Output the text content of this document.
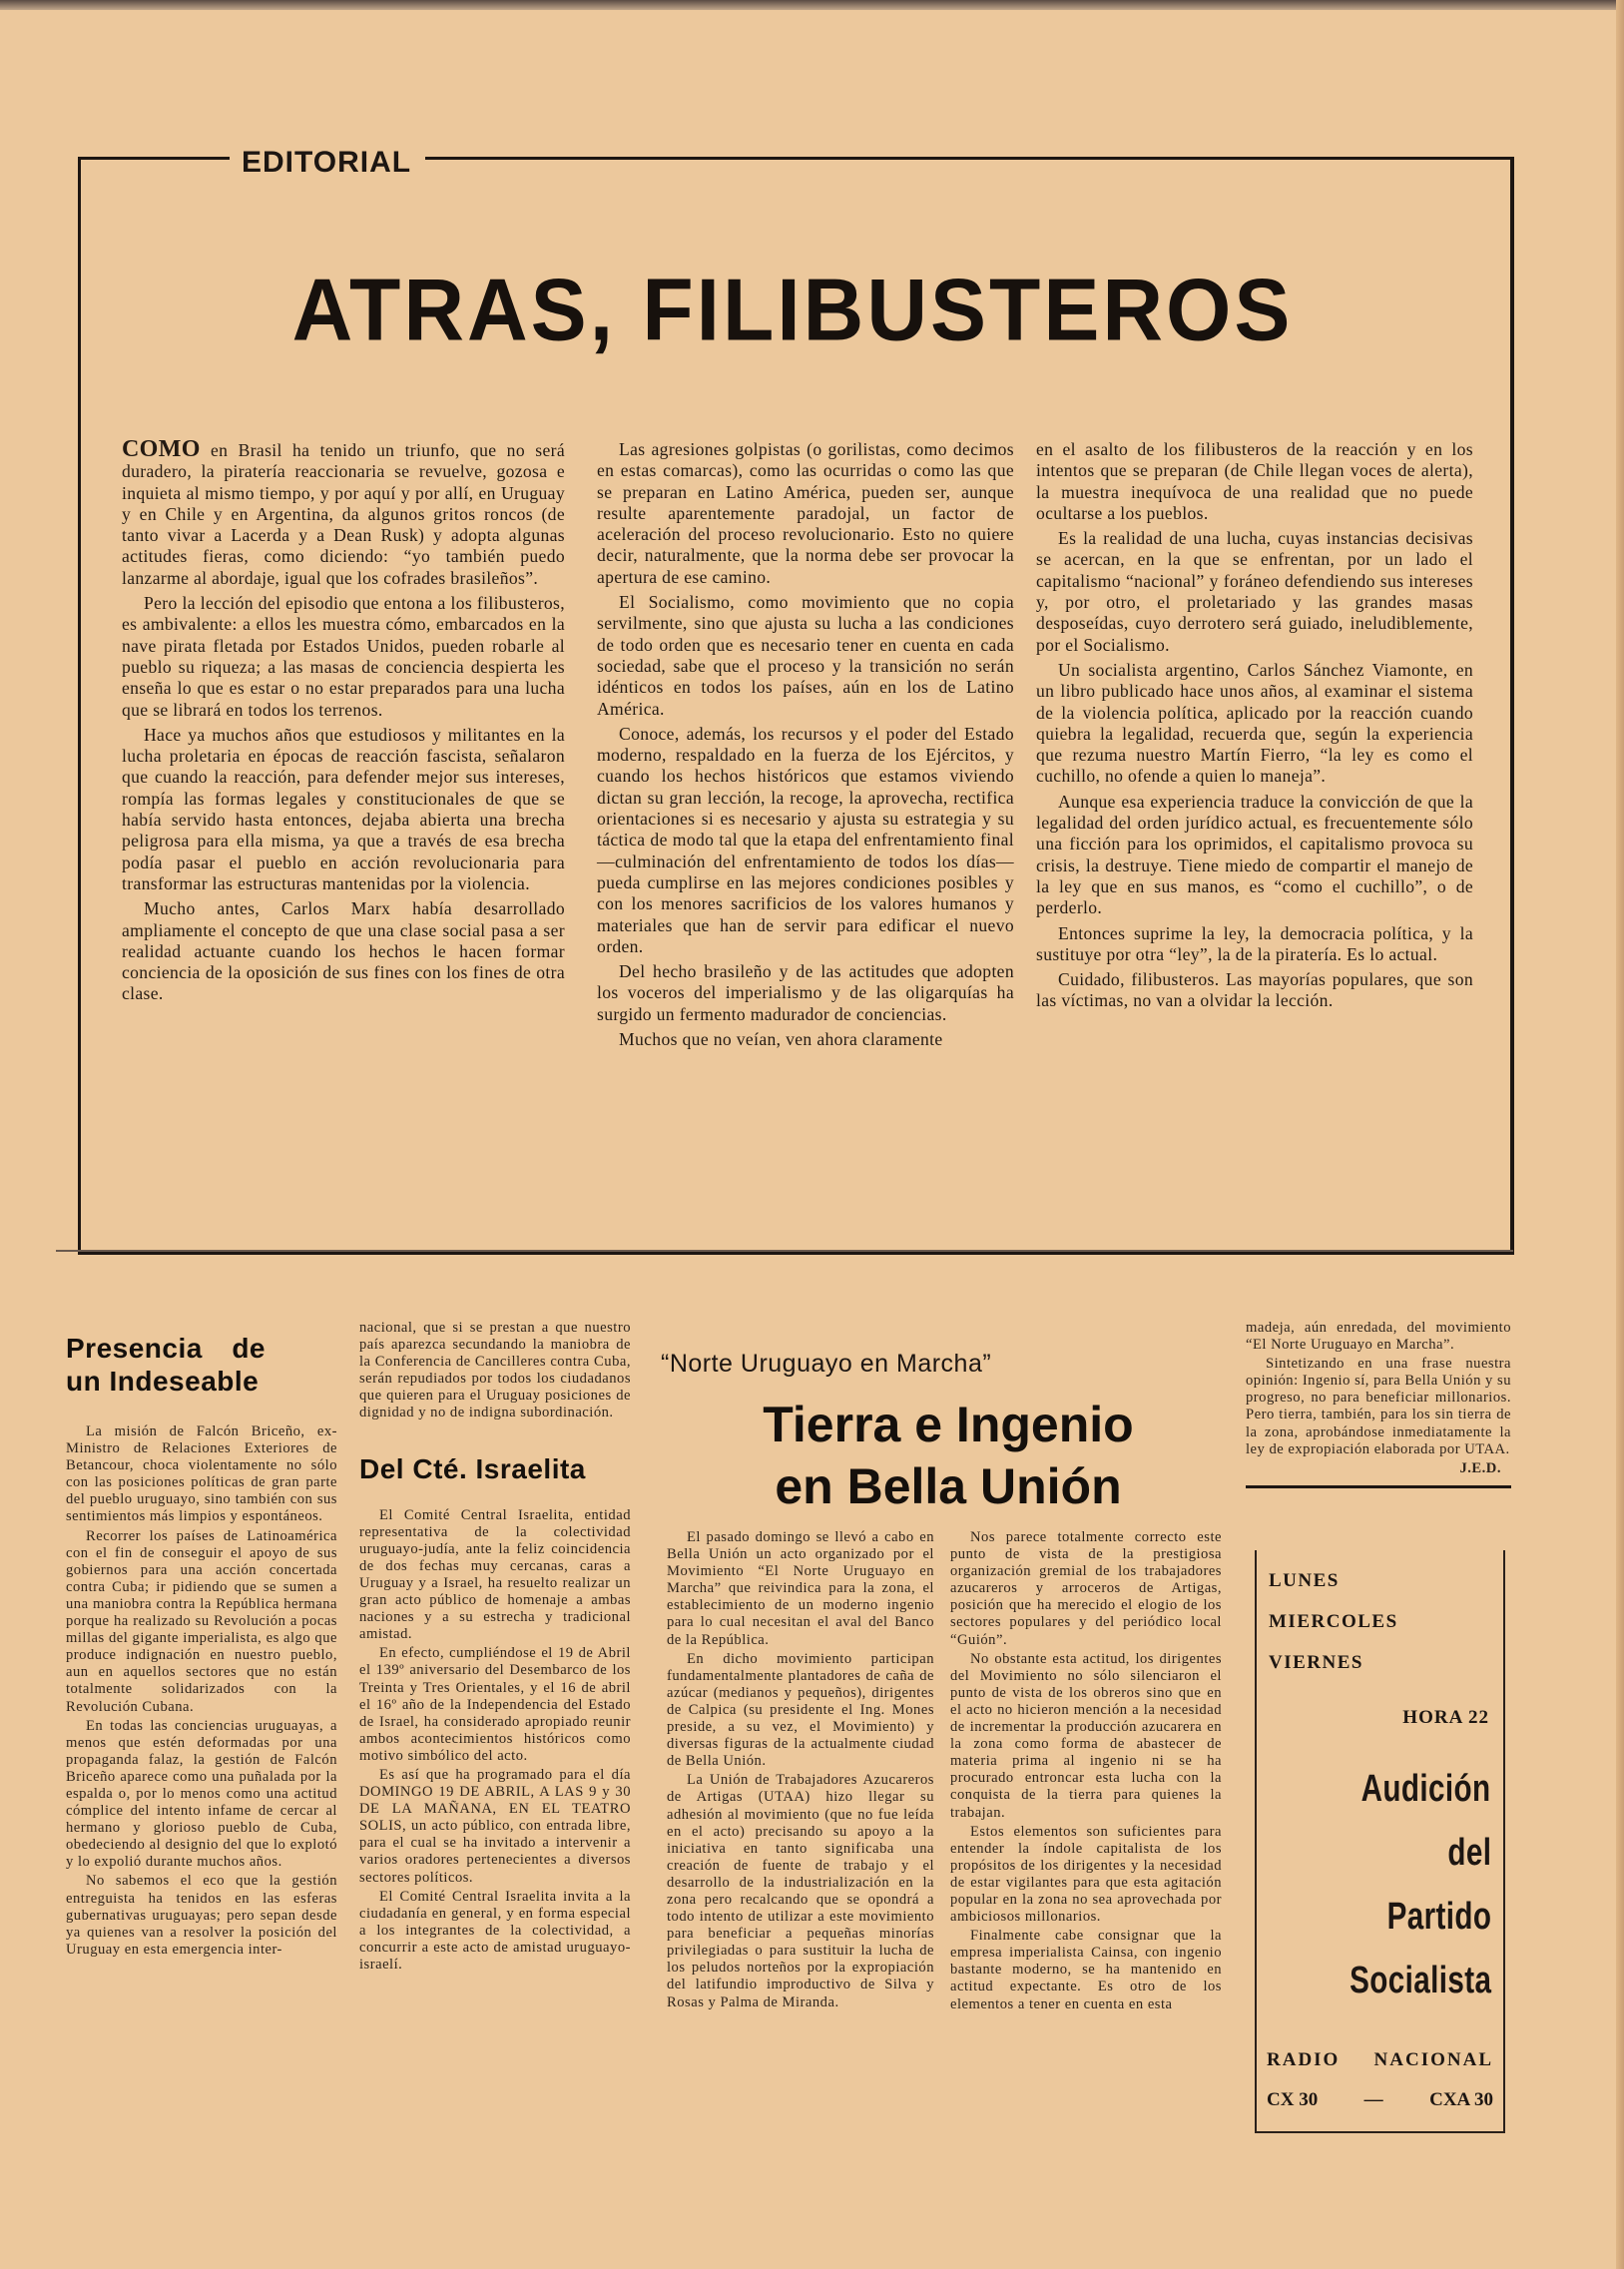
EDITORIAL
ATRAS, FILIBUSTEROS

COMO en Brasil ha tenido un triunfo, que no será duradero, la piratería reaccionaria se revuelve, gozosa e inquieta al mismo tiempo, y por aquí y por allí, en Uruguay y en Chile y en Argentina, da algunos gritos roncos (de tanto vivar a Lacerda y a Dean Rusk) y adopta algunas actitudes fieras, como diciendo: “yo también puedo lanzarme al abordaje, igual que los cofrades brasileños”.

Pero la lección del episodio que entona a los filibusteros, es ambivalente: a ellos les muestra cómo, embarcados en la nave pirata fletada por Estados Unidos, pueden robarle al pueblo su riqueza; a las masas de conciencia despierta les enseña lo que es estar o no estar preparados para una lucha que se librará en todos los terrenos.

Hace ya muchos años que estudiosos y militantes en la lucha proletaria en épocas de reacción fascista, señalaron que cuando la reacción, para defender mejor sus intereses, rompía las formas legales y constitucionales de que se había servido hasta entonces, dejaba abierta una brecha peligrosa para ella misma, ya que a través de esa brecha podía pasar el pueblo en acción revolucionaria para transformar las estructuras mantenidas por la violencia.

Mucho antes, Carlos Marx había desarrollado ampliamente el concepto de que una clase social pasa a ser realidad actuante cuando los hechos le hacen formar conciencia de la oposición de sus fines con los fines de otra clase.

Las agresiones golpistas (o gorilistas, como decimos en estas comarcas), como las ocurridas o como las que se preparan en Latino América, pueden ser, aunque resulte aparentemente paradojal, un factor de aceleración del proceso revolucionario. Esto no quiere decir, naturalmente, que la norma debe ser provocar la apertura de ese camino.

El Socialismo, como movimiento que no copia servilmente, sino que ajusta su lucha a las condiciones de todo orden que es necesario tener en cuenta en cada sociedad, sabe que el proceso y la transición no serán idénticos en todos los países, aún en los de Latino América.

Conoce, además, los recursos y el poder del Estado moderno, respaldado en la fuerza de los Ejércitos, y cuando los hechos históricos que estamos viviendo dictan su gran lección, la recoge, la aprovecha, rectifica orientaciones si es necesario y ajusta su estrategia y su táctica de modo tal que la etapa del enfrentamiento final —culminación del enfrentamiento de todos los días— pueda cumplirse en las mejores condiciones posibles y con los menores sacrificios de los valores humanos y materiales que han de servir para edificar el nuevo orden.

Del hecho brasileño y de las actitudes que adopten los voceros del imperialismo y de las oligarquías ha surgido un fermento madurador de conciencias.

Muchos que no veían, ven ahora claramente

en el asalto de los filibusteros de la reacción y en los intentos que se preparan (de Chile llegan voces de alerta), la muestra inequívoca de una realidad que no puede ocultarse a los pueblos.

Es la realidad de una lucha, cuyas instancias decisivas se acercan, en la que se enfrentan, por un lado el capitalismo “nacional” y foráneo defendiendo sus intereses y, por otro, el proletariado y las grandes masas desposeídas, cuyo derrotero será guiado, ineludiblemente, por el Socialismo.

Un socialista argentino, Carlos Sánchez Viamonte, en un libro publicado hace unos años, al examinar el sistema de la violencia política, aplicado por la reacción cuando quiebra la legalidad, recuerda que, según la experiencia que rezuma nuestro Martín Fierro, “la ley es como el cuchillo, no ofende a quien lo maneja”.

Aunque esa experiencia traduce la convicción de que la legalidad del orden jurídico actual, es frecuentemente sólo una ficción para los oprimidos, el capitalismo provoca su crisis, la destruye. Tiene miedo de compartir el manejo de la ley que en sus manos, es “como el cuchillo”, o de perderlo.

Entonces suprime la ley, la democracia política, y la sustituye por otra “ley”, la de la piratería. Es lo actual.

Cuidado, filibusteros. Las mayorías populares, que son las víctimas, no van a olvidar la lección.

Presencia de un Indeseable

La misión de Falcón Briceño, ex-Ministro de Relaciones Exteriores de Betancour, choca violentamente no sólo con las posiciones políticas de gran parte del pueblo uruguayo, sino también con sus sentimientos más limpios y espontáneos.

Recorrer los países de Latinoamérica con el fin de conseguir el apoyo de sus gobiernos para una acción concertada contra Cuba; ir pidiendo que se sumen a una maniobra contra la República hermana porque ha realizado su Revolución a pocas millas del gigante imperialista, es algo que produce indignación en nuestro pueblo, aun en aquellos sectores que no están totalmente solidarizados con la Revolución Cubana.

En todas las conciencias uruguayas, a menos que estén deformadas por una propaganda falaz, la gestión de Falcón Briceño aparece como una puñalada por la espalda o, por lo menos como una actitud cómplice del intento infame de cercar al hermano y glorioso pueblo de Cuba, obedeciendo al designio del que lo explotó y lo expolió durante muchos años.

No sabemos el eco que la gestión entreguista ha tenidos en las esferas gubernativas uruguayas; pero sepan desde ya quienes van a resolver la posición del Uruguay en esta emergencia inter-

nacional, que si se prestan a que nuestro país aparezca secundando la maniobra de la Conferencia de Cancilleres contra Cuba, serán repudiados por todos los ciudadanos que quieren para el Uruguay posiciones de dignidad y no de indigna subordinación.

Del Cté. Israelita

El Comité Central Israelita, entidad representativa de la colectividad uruguayo-judía, ante la feliz coincidencia de dos fechas muy cercanas, caras a Uruguay y a Israel, ha resuelto realizar un gran acto público de homenaje a ambas naciones y a su estrecha y tradicional amistad.

En efecto, cumpliéndose el 19 de Abril el 139º aniversario del Desembarco de los Treinta y Tres Orientales, y el 16 de abril el 16º año de la Independencia del Estado de Israel, ha considerado apropiado reunir ambos acontecimientos históricos como motivo simbólico del acto.

Es así que ha programado para el día DOMINGO 19 DE ABRIL, A LAS 9 y 30 DE LA MAÑANA, EN EL TEATRO SOLIS, un acto público, con entrada libre, para el cual se ha invitado a intervenir a varios oradores pertenecientes a diversos sectores políticos.

El Comité Central Israelita invita a la ciudadanía en general, y en forma especial a los integrantes de la colectividad, a concurrir a este acto de amistad uruguayo-israelí.

“Norte Uruguayo en Marcha”
Tierra e Ingenio
en Bella Unión

El pasado domingo se llevó a cabo en Bella Unión un acto organizado por el Movimiento “El Norte Uruguayo en Marcha” que reivindica para la zona, el establecimiento de un moderno ingenio para lo cual necesitan el aval del Banco de la República.

En dicho movimiento participan fundamentalmente plantadores de caña de azúcar (medianos y pequeños), dirigentes de Calpica (su presidente el Ing. Mones preside, a su vez, el Movimiento) y diversas figuras de la actualmente ciudad de Bella Unión.

La Unión de Trabajadores Azucareros de Artigas (UTAA) hizo llegar su adhesión al movimiento (que no fue leída en el acto) precisando su apoyo a la iniciativa en tanto significaba una creación de fuente de trabajo y el desarrollo de la industrialización en la zona pero recalcando que se opondrá a todo intento de utilizar a este movimiento para beneficiar a pequeñas minorías privilegiadas o para sustituir la lucha de los peludos norteños por la expropiación del latifundio improductivo de Silva y Rosas y Palma de Miranda.

Nos parece totalmente correcto este punto de vista de la prestigiosa organización gremial de los trabajadores azucareros y arroceros de Artigas, posición que ha merecido el elogio de los sectores populares y del periódico local “Guión”.

No obstante esta actitud, los dirigentes del Movimiento no sólo silenciaron el punto de vista de los obreros sino que en el acto no hicieron mención a la necesidad de incrementar la producción azucarera en la zona como forma de abastecer de materia prima al ingenio ni se ha procurado entroncar esta lucha con la conquista de la tierra para quienes la trabajan.

Estos elementos son suficientes para entender la índole capitalista de los propósitos de los dirigentes y la necesidad de estar vigilantes para que esta agitación popular en la zona no sea aprovechada por ambiciosos millonarios.

Finalmente cabe consignar que la empresa imperialista Cainsa, con ingenio bastante moderno, se ha mantenido en actitud expectante. Es otro de los elementos a tener en cuenta en esta

madeja, aún enredada, del movimiento “El Norte Uruguayo en Marcha”.

Sintetizando en una frase nuestra opinión: Ingenio sí, para Bella Unión y su progreso, no para beneficiar millonarios. Pero tierra, también, para los sin tierra de la zona, aprobándose inmediatamente la ley de expropiación elaborada por UTAA.

J.E.D.

LUNES
MIERCOLES
VIERNES
HORA 22
Audición
del
Partido
Socialista
RADIO NACIONAL
CX 30 — CXA 30
